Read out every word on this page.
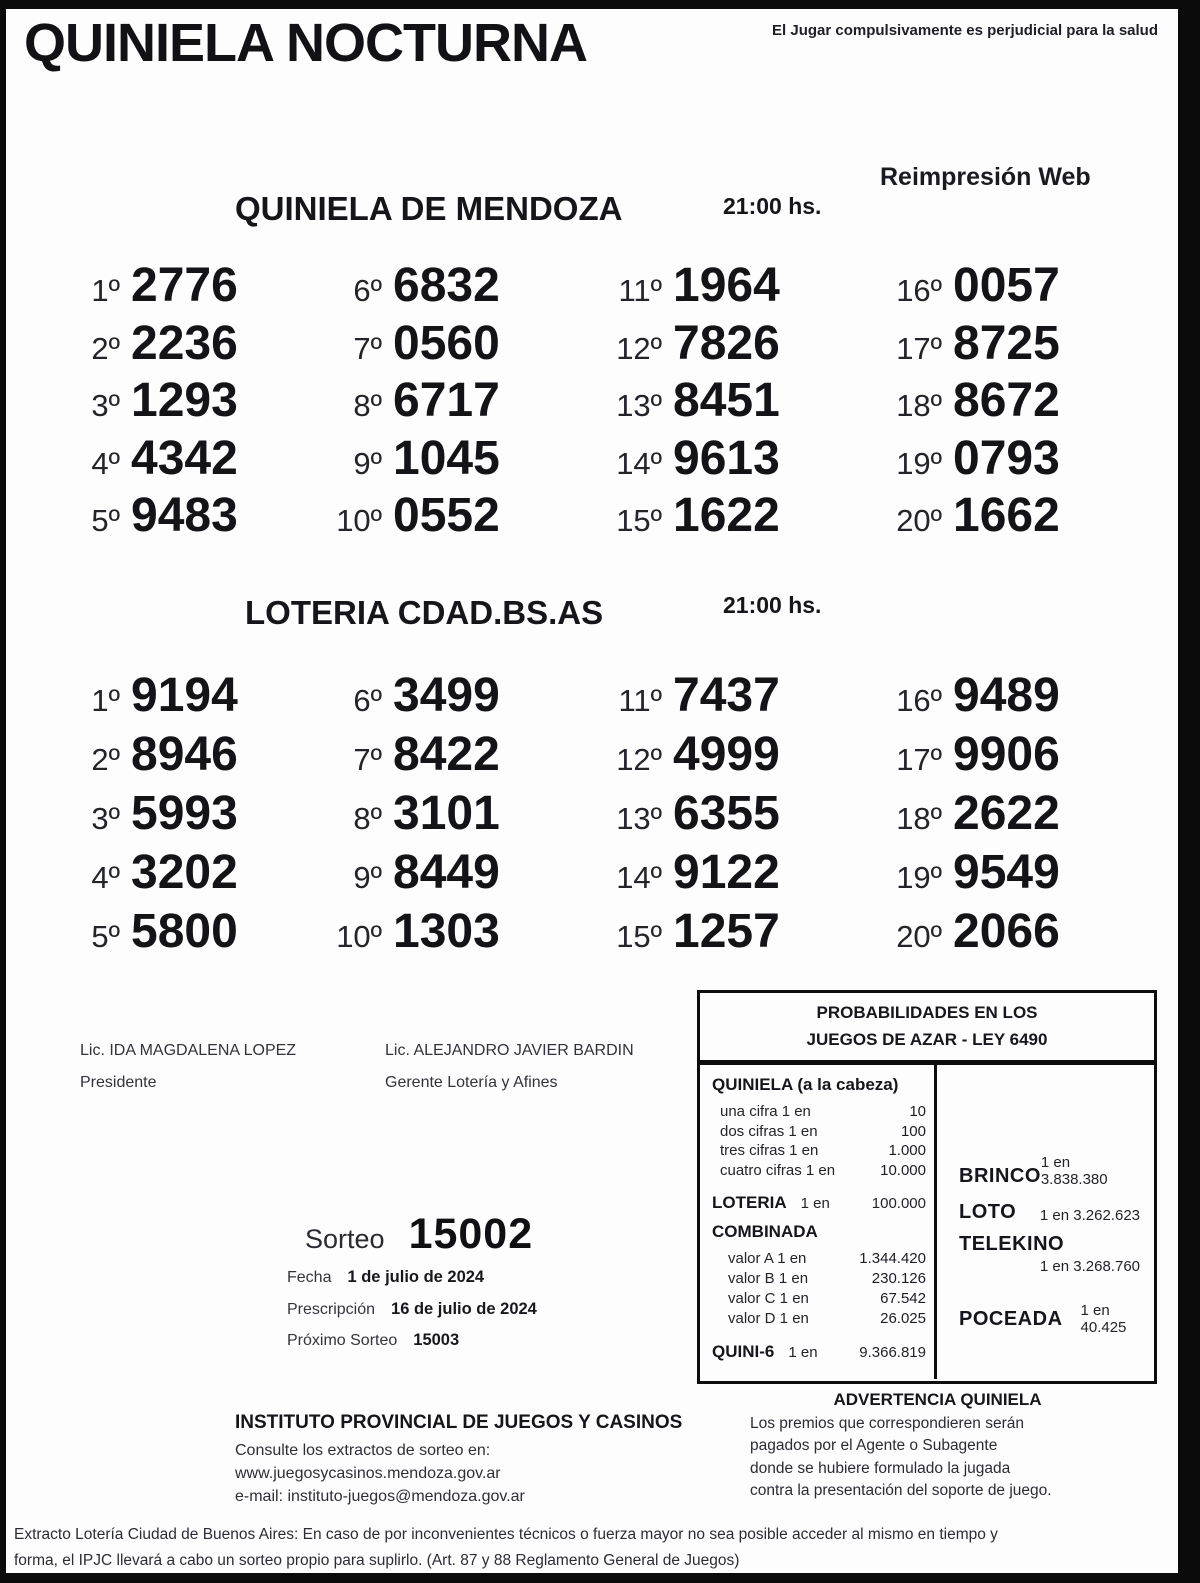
QUINIELA NOCTURNA	El Jugar compulsivamente es perjudicial para la salud
Reimpresión Web
QUINIELA DE MENDOZA	21:00 hs.
1º 2776
2º 2236
3º 1293
4º 4342
5º 9483
6º 6832
7º 0560
8º 6717
9º 1045
10º 0552
11º 1964
12º 7826
13º 8451
14º 9613
15º 1622
16º 0057
17º 8725
18º 8672
19º 0793
20º 1662
LOTERIA CDAD.BS.AS	21:00 hs.
1º 9194
2º 8946
3º 5993
4º 3202
5º 5800
6º 3499
7º 8422
8º 3101
9º 8449
10º 1303
11º 7437
12º 4999
13º 6355
14º 9122
15º 1257
16º 9489
17º 9906
18º 2622
19º 9549
20º 2066
Lic. IDA MAGDALENA LOPEZ
Presidente
Lic. ALEJANDRO JAVIER BARDIN
Gerente Lotería y Afines
PROBABILIDADES EN LOS
JUEGOS DE AZAR - LEY 6490
QUINIELA (a la cabeza)
una cifra 1 en	10
dos cifras 1 en	100
tres cifras 1 en	1.000
cuatro cifras 1 en	10.000
LOTERIA 1 en	100.000
COMBINADA
valor A 1 en	1.344.420
valor B 1 en	230.126
valor C 1 en	67.542
valor D 1 en	26.025
QUINI-6 1 en	9.366.819
BRINCO
1 en 3.838.380
LOTO 1 en 3.262.623
TELEKINO
1 en 3.268.760
POCEADA 1 en 40.425
Sorteo 15002
Fecha 1 de julio de 2024
Prescripción 16 de julio de 2024
Próximo Sorteo 15003
INSTITUTO PROVINCIAL DE JUEGOS Y CASINOS
Consulte los extractos de sorteo en:
www.juegosycasinos.mendoza.gov.ar
e-mail: instituto-juegos@mendoza.gov.ar
ADVERTENCIA QUINIELA
Los premios que correspondieren serán
pagados por el Agente o Subagente
donde se hubiere formulado la jugada
contra la presentación del soporte de juego.
Extracto Lotería Ciudad de Buenos Aires: En caso de por inconvenientes técnicos o fuerza mayor no sea posible acceder al mismo en tiempo y
forma, el IPJC llevará a cabo un sorteo propio para suplirlo. (Art. 87 y 88 Reglamento General de Juegos)
